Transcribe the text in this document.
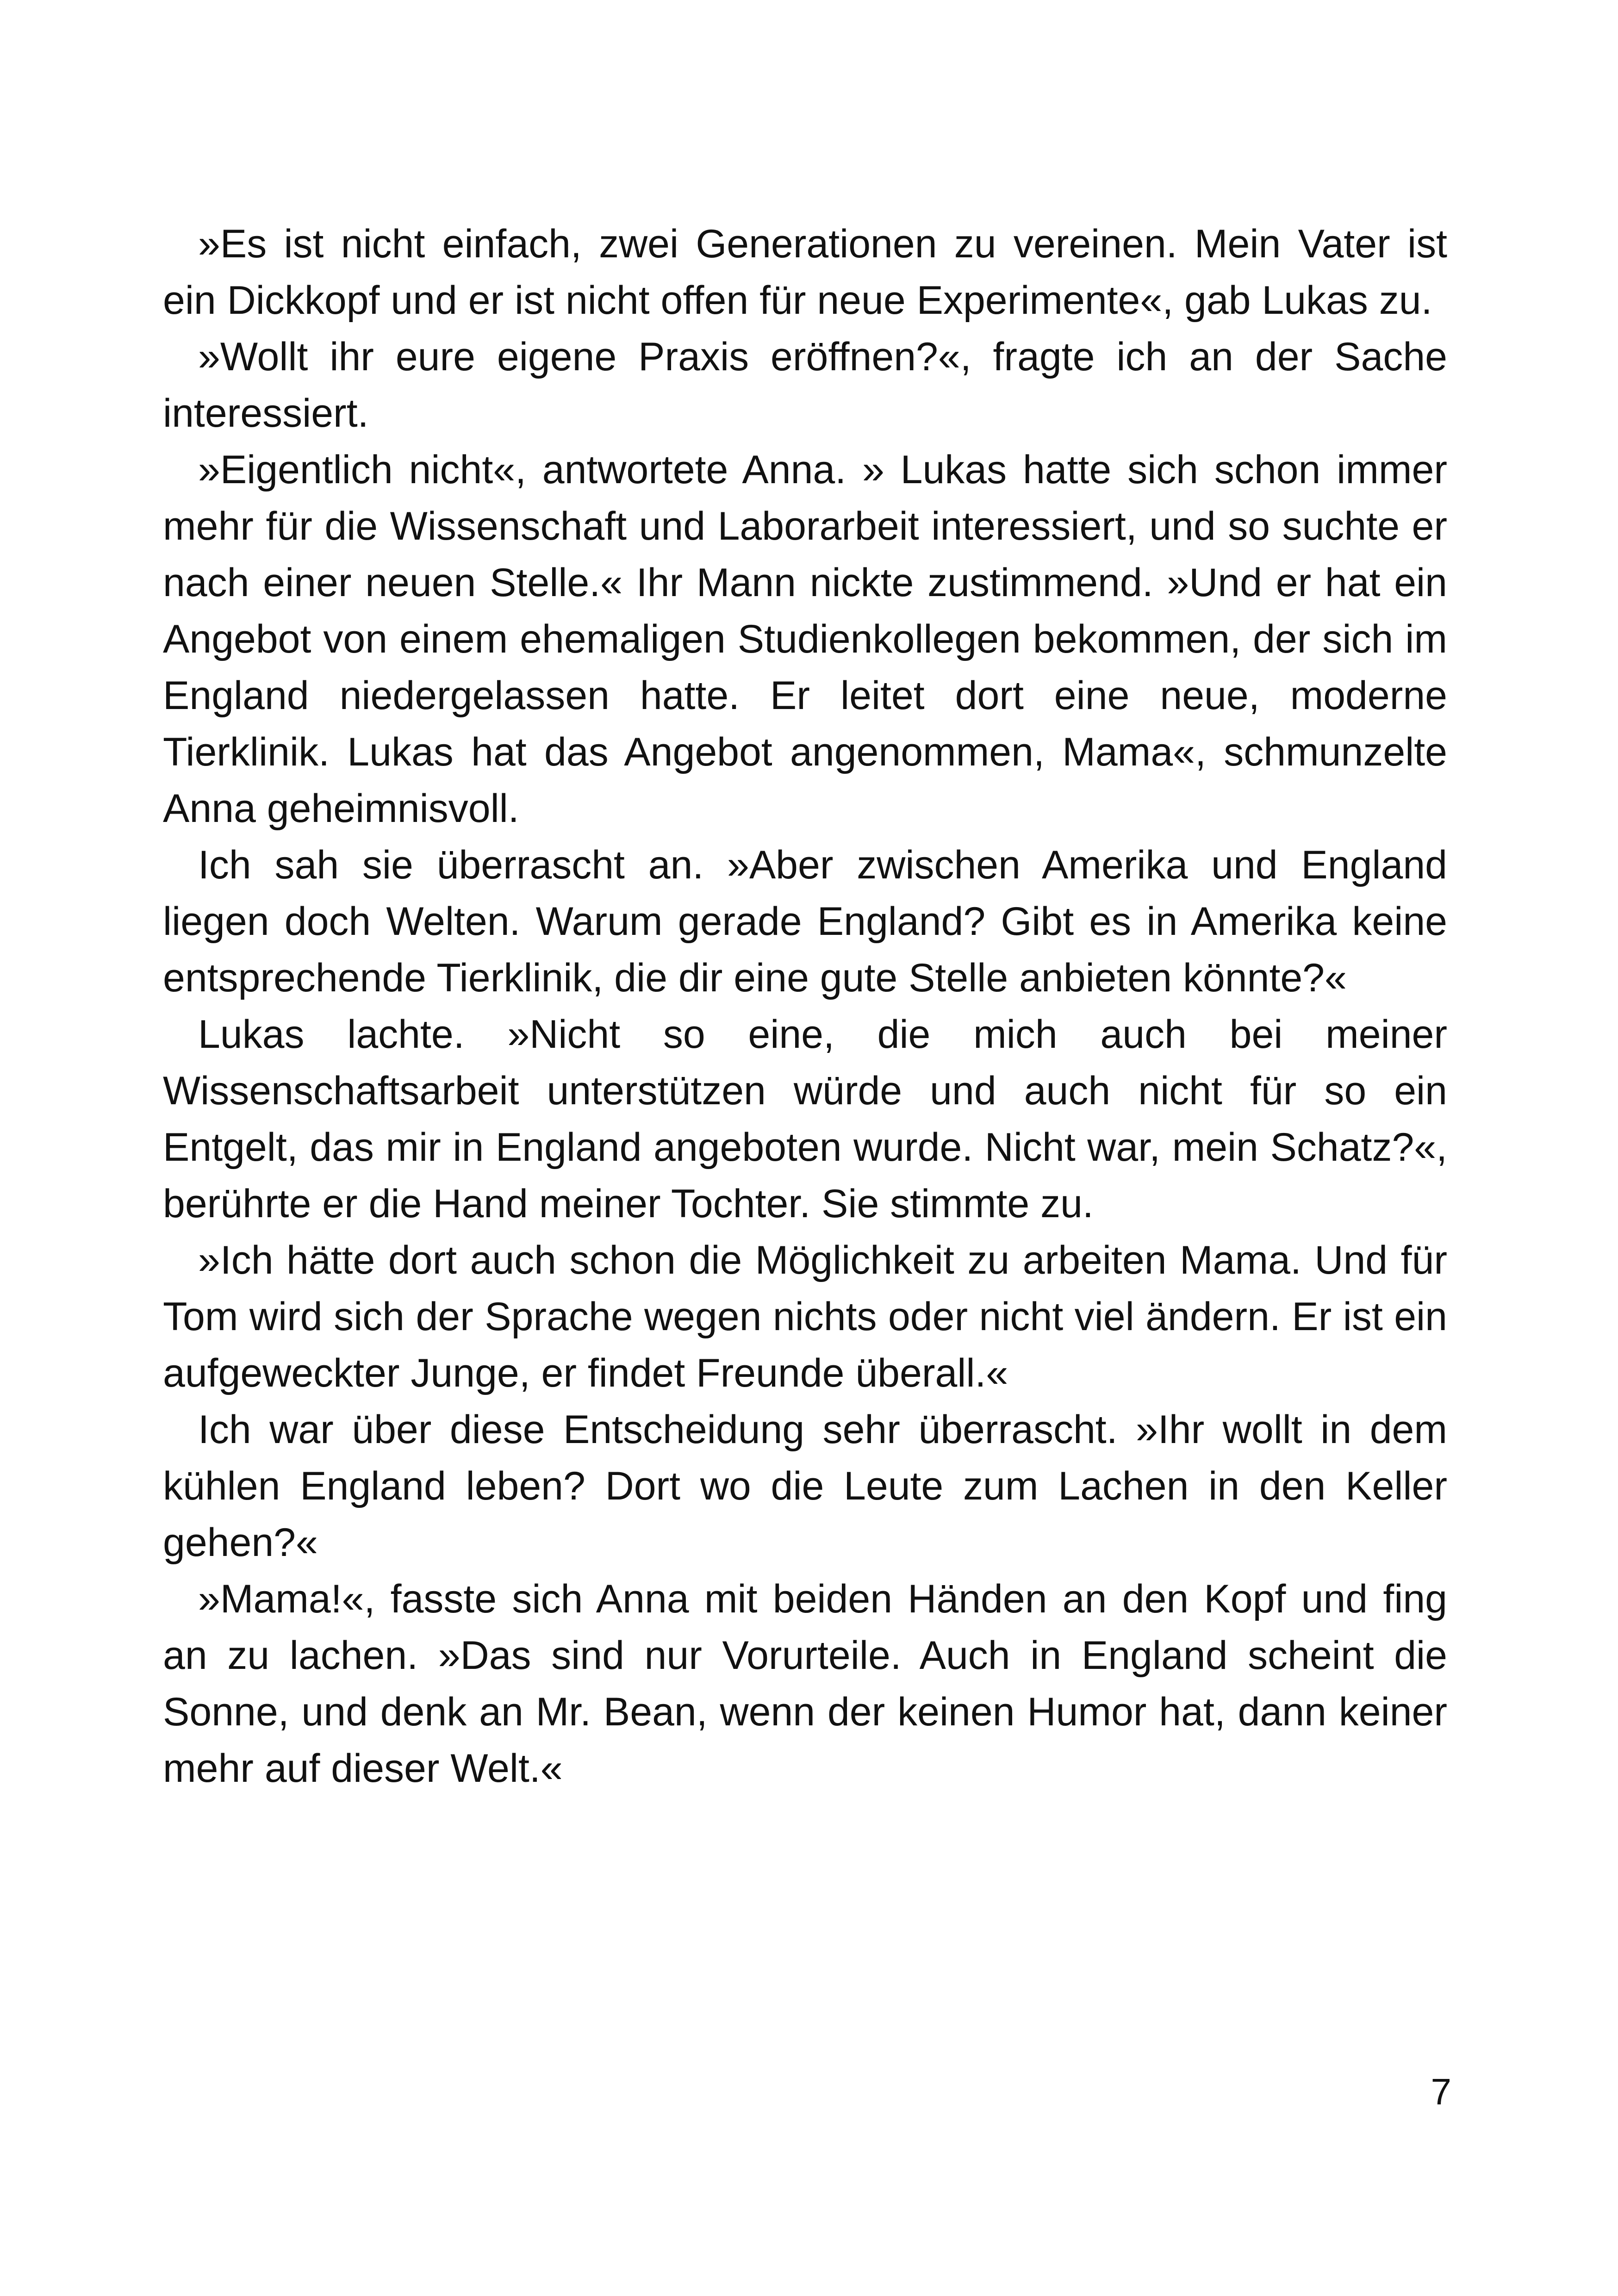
»Es ist nicht einfach, zwei Generationen zu vereinen. Mein Vater ist ein Dickkopf und er ist nicht offen für neue Experimente«, gab Lukas zu.

»Wollt ihr eure eigene Praxis eröffnen?«, fragte ich an der Sache interessiert.

»Eigentlich nicht«, antwortete Anna. » Lukas hatte sich schon immer mehr für die Wissenschaft und Laborarbeit interessiert, und so suchte er nach einer neuen Stelle.« Ihr Mann nickte zustimmend. »Und er hat ein Angebot von einem ehemaligen Studienkollegen bekommen, der sich im England niedergelassen hatte. Er leitet dort eine neue, moderne Tierklinik. Lukas hat das Angebot angenommen, Mama«, schmunzelte Anna geheimnisvoll.

Ich sah sie überrascht an. »Aber zwischen Amerika und England liegen doch Welten. Warum gerade England? Gibt es in Amerika keine entsprechende Tierklinik, die dir eine gute Stelle anbieten könnte?«

Lukas lachte. »Nicht so eine, die mich auch bei meiner Wissenschaftsarbeit unterstützen würde und auch nicht für so ein Entgelt, das mir in England angeboten wurde. Nicht war, mein Schatz?«, berührte er die Hand meiner Tochter. Sie stimmte zu.

»Ich hätte dort auch schon die Möglichkeit zu arbeiten Mama. Und für Tom wird sich der Sprache wegen nichts oder nicht viel ändern. Er ist ein aufgeweckter Junge, er findet Freunde überall.«

Ich war über diese Entscheidung sehr überrascht. »Ihr wollt in dem kühlen England leben? Dort wo die Leute zum Lachen in den Keller gehen?«

»Mama!«, fasste sich Anna mit beiden Händen an den Kopf und fing an zu lachen. »Das sind nur Vorurteile. Auch in England scheint die Sonne, und denk an Mr. Bean, wenn der keinen Humor hat, dann keiner mehr auf dieser Welt.«

7
